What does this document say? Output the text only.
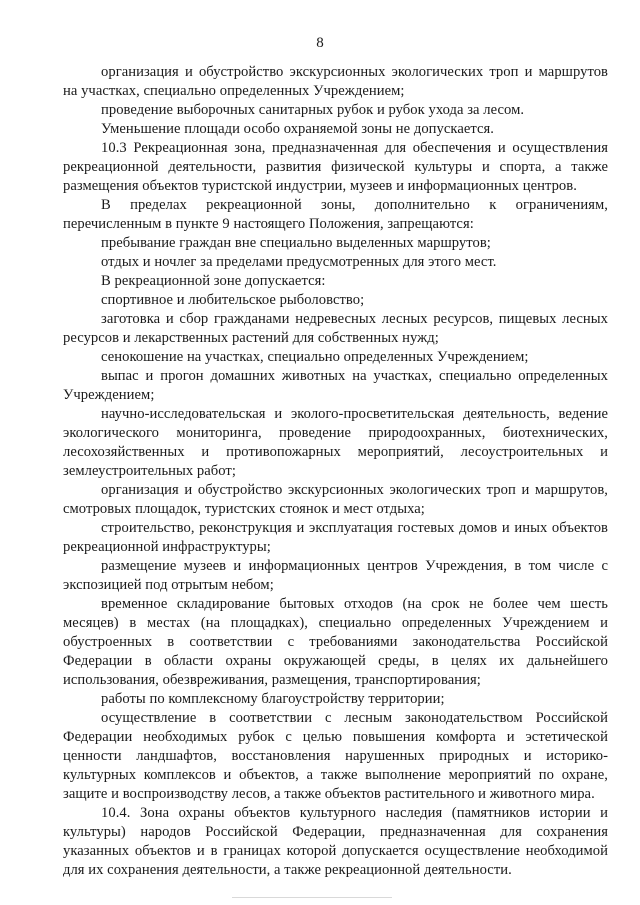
8

организация и обустройство экскурсионных экологических троп и маршрутов на участках, специально определенных Учреждением;

проведение выборочных санитарных рубок и рубок ухода за лесом.

Уменьшение площади особо охраняемой зоны не допускается.

10.3 Рекреационная зона, предназначенная для обеспечения и осуществления рекреационной деятельности, развития физической культуры и спорта, а также размещения объектов туристской индустрии, музеев и информационных центров.

В пределах рекреационной зоны, дополнительно к ограничениям, перечисленным в пункте 9 настоящего Положения, запрещаются:

пребывание граждан вне специально выделенных маршрутов;

отдых и ночлег за пределами предусмотренных для этого мест.

В рекреационной зоне допускается:

спортивное и любительское рыболовство;

заготовка и сбор гражданами недревесных лесных ресурсов, пищевых лесных ресурсов и лекарственных растений для собственных нужд;

сенокошение на участках, специально определенных Учреждением;

выпас и прогон домашних животных на участках, специально определенных Учреждением;

научно-исследовательская и эколого-просветительская деятельность, ведение экологического мониторинга, проведение природоохранных, биотехнических, лесохозяйственных и противопожарных мероприятий, лесоустроительных и землеустроительных работ;

организация и обустройство экскурсионных экологических троп и маршрутов, смотровых площадок, туристских стоянок и мест отдыха;

строительство, реконструкция и эксплуатация гостевых домов и иных объектов рекреационной инфраструктуры;

размещение музеев и информационных центров Учреждения, в том числе с экспозицией под отрытым небом;

временное складирование бытовых отходов (на срок не более чем шесть месяцев) в местах (на площадках), специально определенных Учреждением и обустроенных в соответствии с требованиями законодательства Российской Федерации в области охраны окружающей среды, в целях их дальнейшего использования, обезвреживания, размещения, транспортирования;

работы по комплексному благоустройству территории;

осуществление в соответствии с лесным законодательством Российской Федерации необходимых рубок с целью повышения комфорта и эстетической ценности ландшафтов, восстановления нарушенных природных и историко-культурных комплексов и объектов, а также выполнение мероприятий по охране, защите и воспроизводству лесов, а также объектов растительного и животного мира.

10.4. Зона охраны объектов культурного наследия (памятников истории и культуры) народов Российской Федерации, предназначенная для сохранения указанных объектов и в границах которой допускается осуществление необходимой для их сохранения деятельности, а также рекреационной деятельности.
